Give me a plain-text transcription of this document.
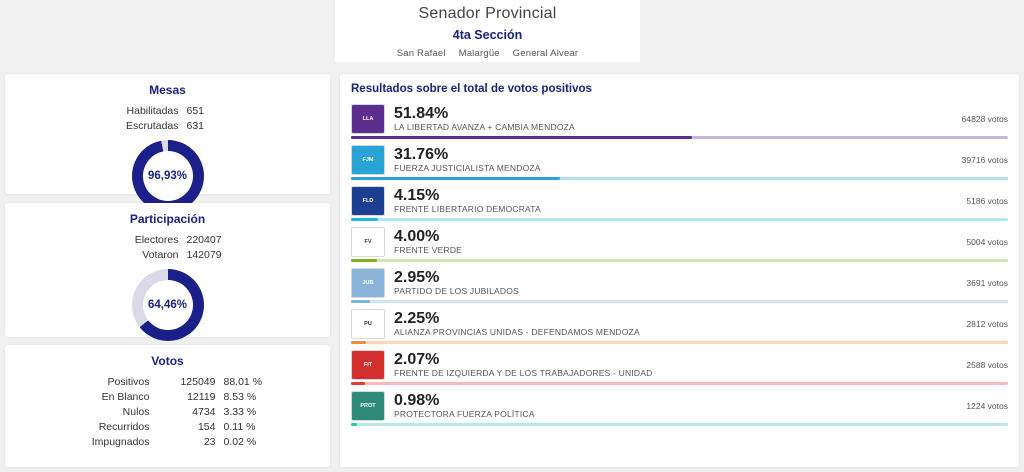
Senador Provincial
4ta Sección
San Rafael Malargüe General Alvear
Mesas
Habilitadas 651
Escrutadas 631
96,93%
Participación
Electores 220407
Votaron 142079
64,46%
Votos
Positivos	125049 88.01 %
En Blanco	12119 8.53 %
Nulos	4734 3.33 %
Recurridos	154 0.11 %
Impugnados	23 0.02 %
Resultados sobre el total de votos positivos
LLA	51.84%
LA LIBERTAD AVANZA + CAMBIA MENDOZA
64828 votos
FJM	31.76%
FUERZA JUSTICIALISTA MENDOZA
39716 votos
FLD	4.15%
FRENTE LIBERTARIO DEMOCRATA
5186 votos
FV	4.00%
FRENTE VERDE
5004 votos
JUB	2.95%
PARTIDO DE LOS JUBILADOS
3691 votos
PU	2.25%
ALIANZA PROVINCIAS UNIDAS - DEFENDAMOS MENDOZA
2812 votos
FIT	2.07%
FRENTE DE IZQUIERDA Y DE LOS TRABAJADORES - UNIDAD
2588 votos
PROT	0.98%
PROTECTORA FUERZA POLÍTICA
1224 votos
